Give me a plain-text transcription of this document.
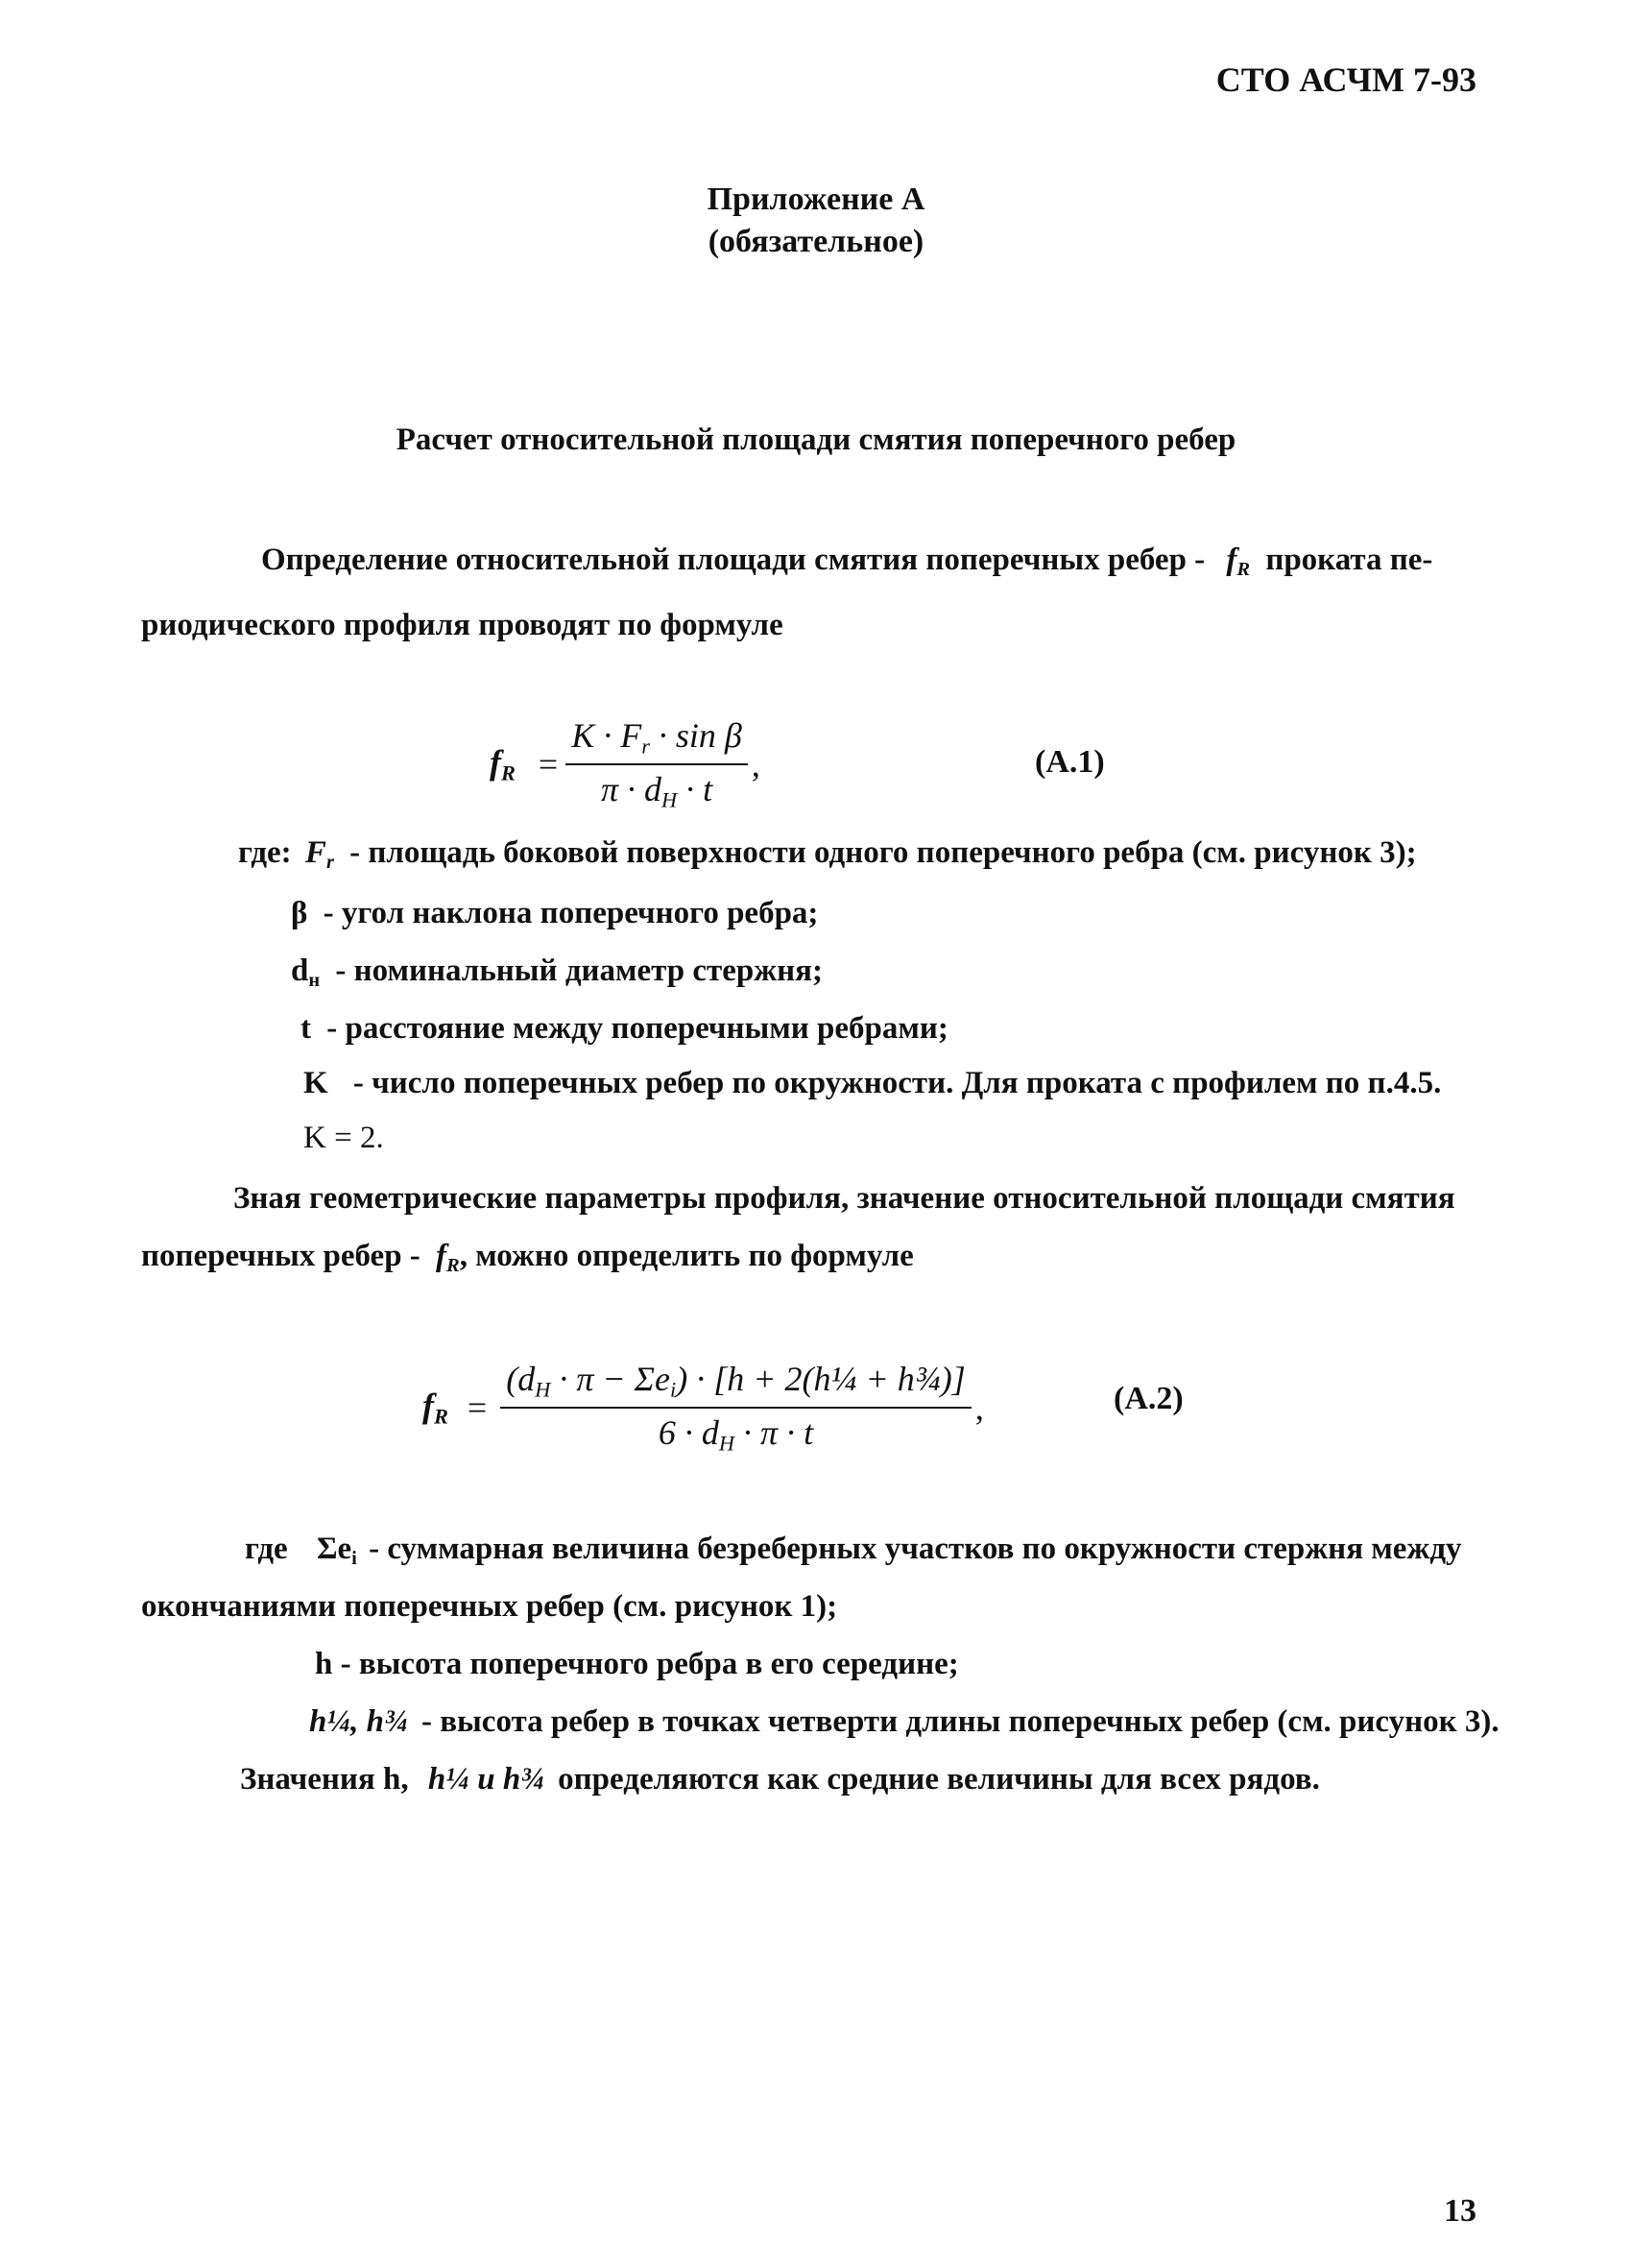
СТО АСЧМ 7-93
Приложение А
(обязательное)
Расчет относительной площади смятия поперечного ребер
Определение относительной площади смятия поперечных ребер - $f_R$ проката пе-
риодического профиля проводят по формуле
$f_R = \frac{K \cdot F_r \cdot \sin \beta}{\pi \cdot d_H \cdot t}$ ,	(А.1)
где: $F_r$ - площадь боковой поверхности одного поперечного ребра (см. рисунок 3);
β - угол наклона поперечного ребра;
$d_н$ - номинальный диаметр стержня;
t - расстояние между поперечными ребрами;
K - число поперечных ребер по окружности. Для проката с профилем по п.4.5.
K = 2.
Зная геометрические параметры профиля, значение относительной площади смятия
поперечных ребер - $f_R$, можно определить по формуле
$f_R = \frac{(d_H \cdot \pi - \Sigma e_i) \cdot [h + 2(h\frac{1}{4} + h\frac{3}{4})]}{6 \cdot d_H \cdot \pi \cdot t}$ ,	(А.2)
где $\Sigma e_i$ - суммарная величина безреберных участков по окружности стержня между
окончаниями поперечных ребер (см. рисунок 1);
h - высота поперечного ребра в его середине;
h¼, h¾ - высота ребер в точках четверти длины поперечных ребер (см. рисунок 3).
Значения h, h¼ и h¾ определяются как средние величины для всех рядов.
13
